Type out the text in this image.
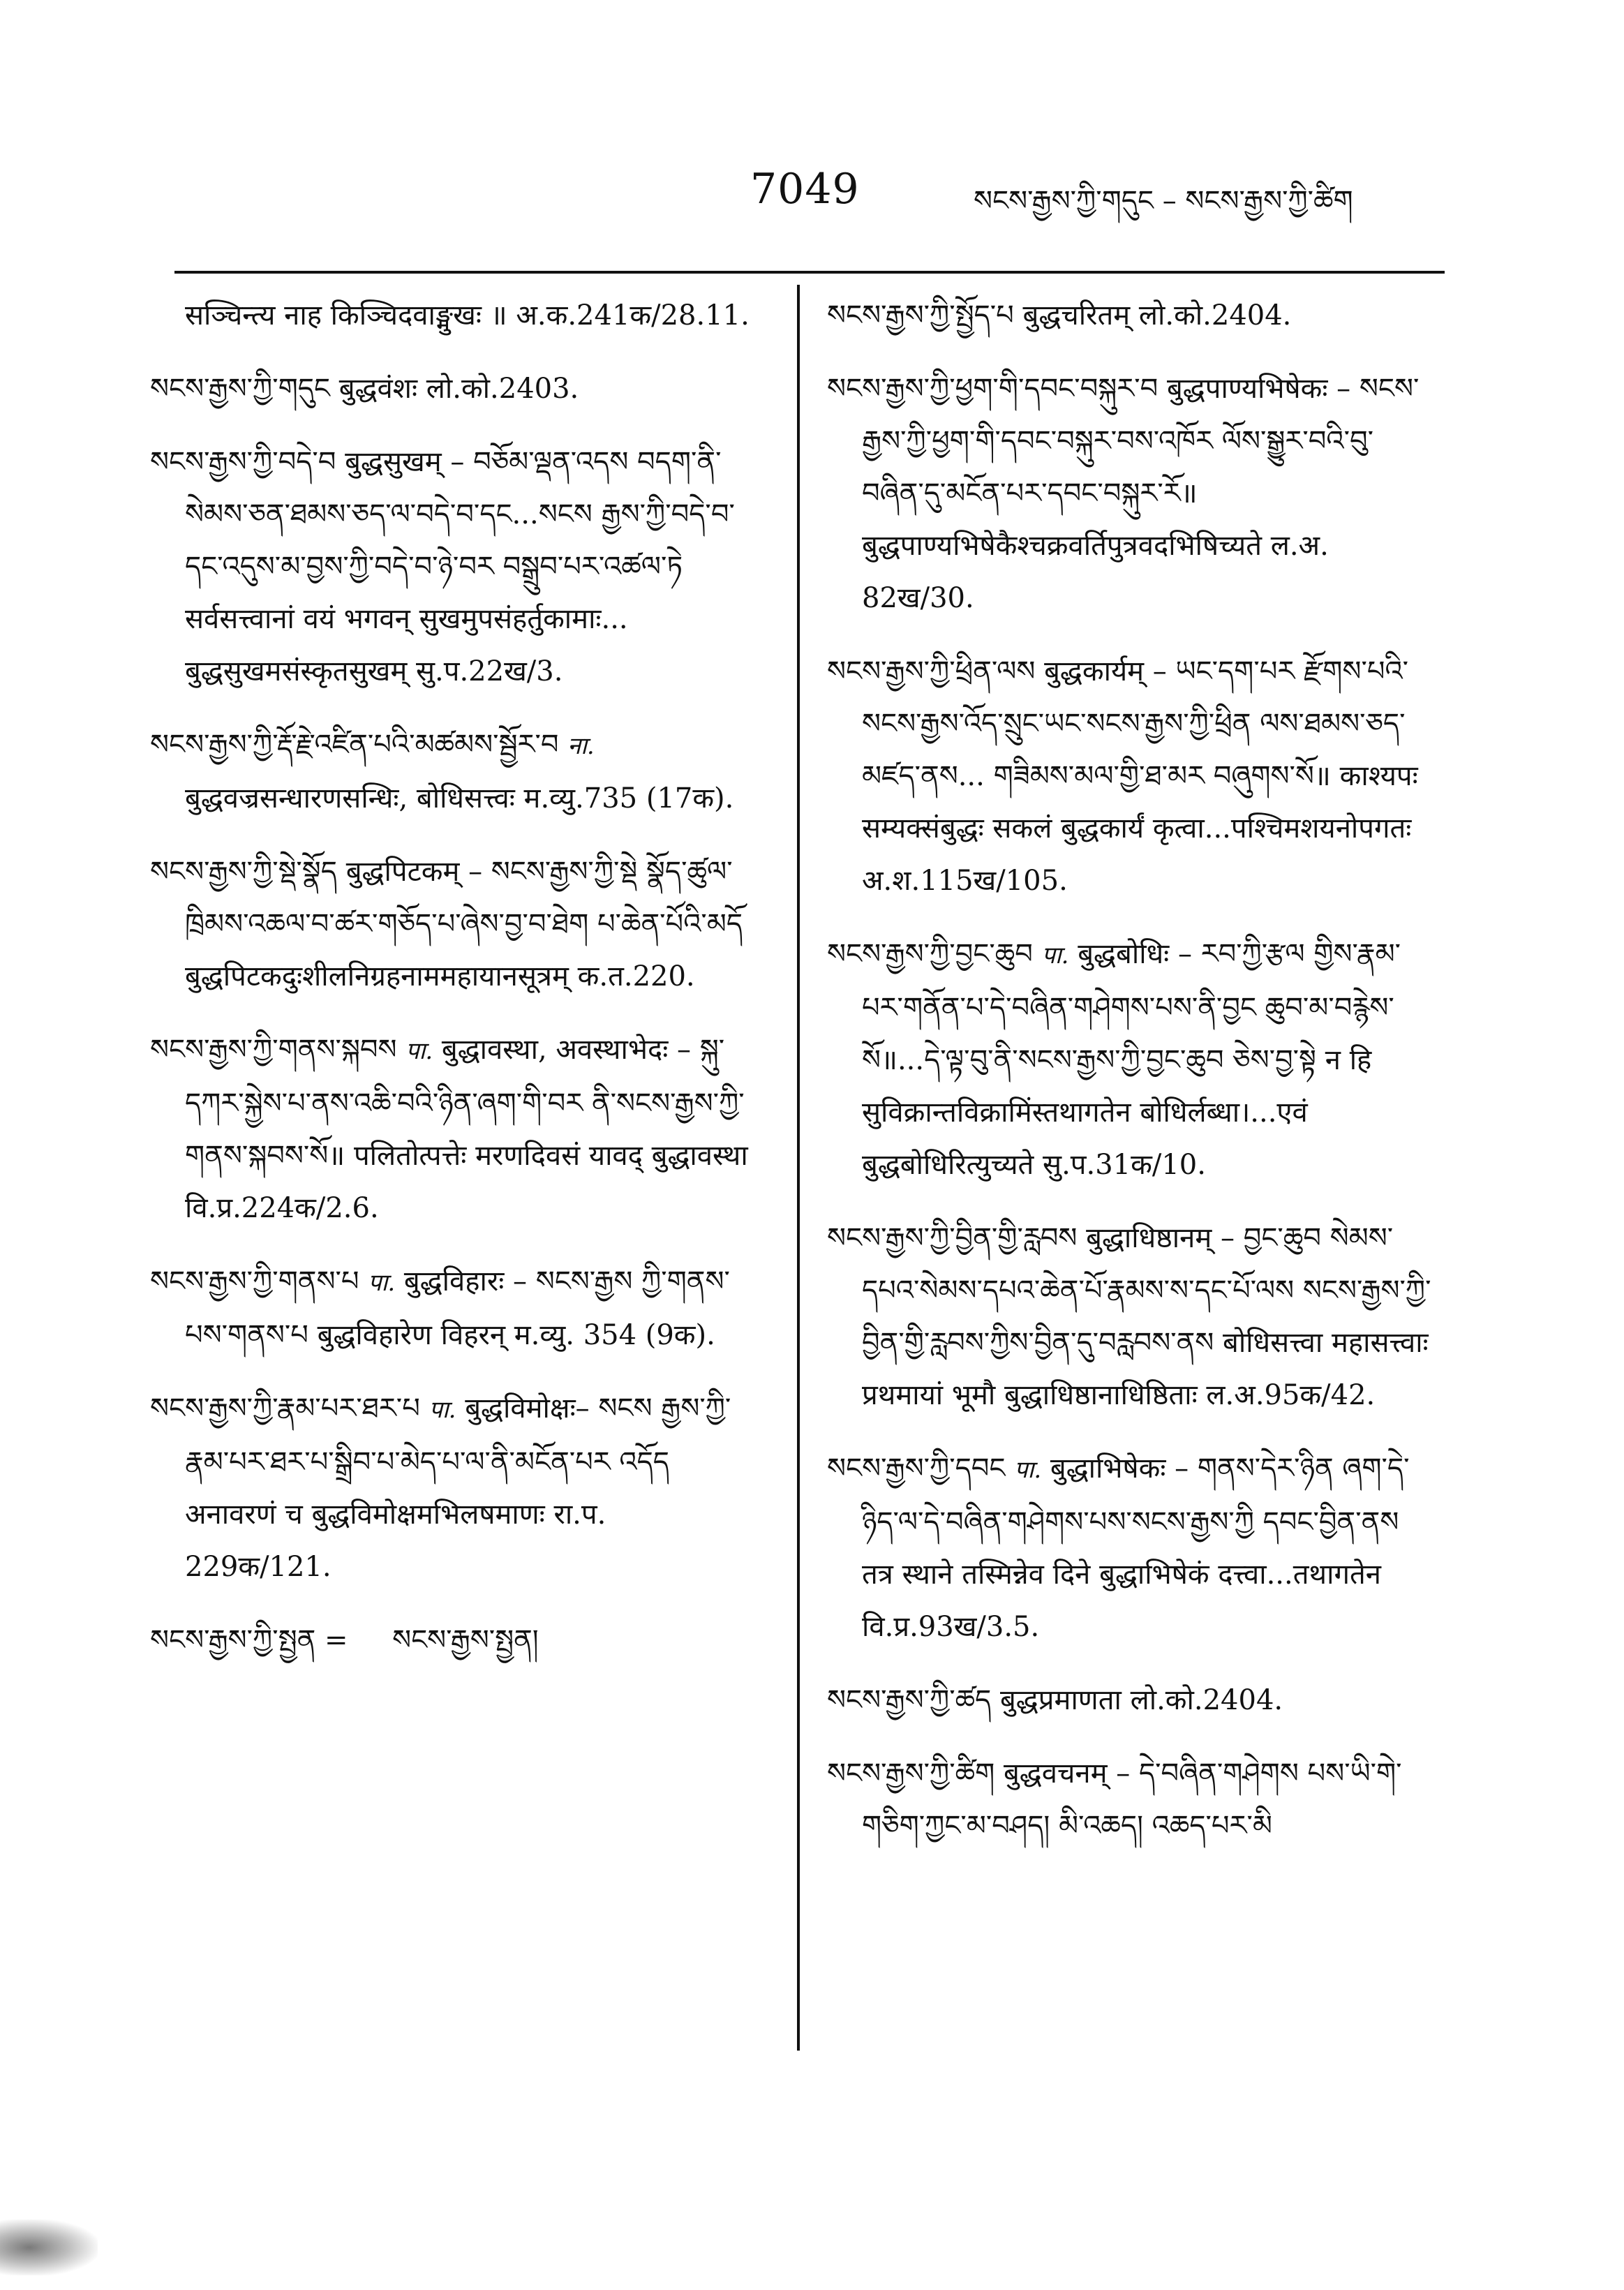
7049	སངས་རྒྱས་ཀྱི་གདུང – སངས་རྒྱས་ཀྱི་ཚིག

सञ्चिन्त्य नाह किञ्चिदवाङ्मुखः ॥ अ.क.241क/28.11.

སངས་རྒྱས་ཀྱི་གདུང बुद्धवंशः लो.को.2403.

སངས་རྒྱས་ཀྱི་བདེ་བ बुद्धसुखम् – བཅོམ་ལྡན་འདས བདག་ནི་སེམས་ཅན་ཐམས་ཅད་ལ་བདེ་བ་དང...སངས རྒྱས་ཀྱི་བདེ་བ་དང་འདུས་མ་བྱས་ཀྱི་བདེ་བ་ཉེ་བར བསྒྲུབ་པར་འཚལ་ཏེ सर्वसत्त्वानां वयं भगवन् सुखमुपसंहर्तुकामाः... बुद्धसुखमसंस्कृतसुखम् सु.प.22ख/3.

སངས་རྒྱས་ཀྱི་རྡོ་རྗེ་འཛིན་པའི་མཚམས་སྦྱོར་བ ना. बुद्धवज्रसन्धारणसन्धिः, बोधिसत्त्वः म.व्यु.735 (17क).

སངས་རྒྱས་ཀྱི་སྡེ་སྣོད बुद्धपिटकम् – སངས་རྒྱས་ཀྱི་སྡེ སྣོད་ཚུལ་ཁྲིམས་འཆལ་བ་ཚར་གཅོད་པ་ཞེས་བྱ་བ་ཐེག པ་ཆེན་པོའི་མདོ बुद्धपिटकदुःशीलनिग्रहनाममहायानसूत्रम् क.त.220.

སངས་རྒྱས་ཀྱི་གནས་སྐབས पा. बुद्धावस्था, अवस्थाभेदः – སྐུ་དཀར་སྐྱེས་པ་ནས་འཆི་བའི་ཉིན་ཞག་གི་བར ནི་སངས་རྒྱས་ཀྱི་གནས་སྐབས་སོ॥ पलितोत्पत्तेः मरणदिवसं यावद् बुद्धावस्था वि.प्र.224क/2.6.

སངས་རྒྱས་ཀྱི་གནས་པ पा. बुद्धविहारः – སངས་རྒྱས ཀྱི་གནས་པས་གནས་པ बुद्धविहारेण विहरन् म.व्यु. 354 (9क).

སངས་རྒྱས་ཀྱི་རྣམ་པར་ཐར་པ पा. बुद्धविमोक्षः– སངས རྒྱས་ཀྱི་རྣམ་པར་ཐར་པ་སྒྲིབ་པ་མེད་པ་ལ་ནི་མངོན་པར འདོད अनावरणं च बुद्धविमोक्षमभिलषमाणः रा.प. 229क/121.

སངས་རྒྱས་ཀྱི་སྤྱན =     སངས་རྒྱས་སྤྱན།

སངས་རྒྱས་ཀྱི་སྤྱོད་པ बुद्धचरितम् लो.को.2404.

སངས་རྒྱས་ཀྱི་ཕྱག་གི་དབང་བསྐུར་བ बुद्धपाण्यभिषेकः – སངས་རྒྱས་ཀྱི་ཕྱག་གི་དབང་བསྐུར་བས་འཁོར ལོས་སྒྱུར་བའི་བུ་བཞིན་དུ་མངོན་པར་དབང་བསྐུར་རོ॥ बुद्धपाण्यभिषेकैश्चक्रवर्तिपुत्रवदभिषिच्यते ल.अ. 82ख/30.

སངས་རྒྱས་ཀྱི་ཕྲིན་ལས बुद्धकार्यम् – ཡང་དག་པར རྫོགས་པའི་སངས་རྒྱས་འོད་སྲུང་ཡང་སངས་རྒྱས་ཀྱི་ཕྲིན ལས་ཐམས་ཅད་མཛད་ནས... གཟིམས་མལ་གྱི་ཐ་མར བཞུགས་སོ॥ काश्यपः सम्यक्संबुद्धः सकलं बुद्धकार्यं कृत्वा...पश्चिमशयनोपगतः अ.श.115ख/105.

སངས་རྒྱས་ཀྱི་བྱང་ཆུབ पा. बुद्धबोधिः – རབ་ཀྱི་རྩལ གྱིས་རྣམ་པར་གནོན་པ་དེ་བཞིན་གཤེགས་པས་ནི་བྱང ཆུབ་མ་བརྙེས་སོ॥...དེ་ལྟ་བུ་ནི་སངས་རྒྱས་ཀྱི་བྱང་ཆུབ ཅེས་བྱ་སྟེ न हि सुविक्रान्तविक्रामिंस्तथागतेन बोधिर्लब्धा।...एवं बुद्धबोधिरित्युच्यते सु.प.31क/10.

སངས་རྒྱས་ཀྱི་བྱིན་གྱི་རླབས बुद्धाधिष्ठानम् – བྱང་ཆུབ སེམས་དཔའ་སེམས་དཔའ་ཆེན་པོ་རྣམས་ས་དང་པོ་ལས སངས་རྒྱས་ཀྱི་བྱིན་གྱི་རླབས་ཀྱིས་བྱིན་དུ་བརླབས་ནས बोधिसत्त्वा महासत्त्वाः प्रथमायां भूमौ बुद्धाधिष्ठानाधिष्ठिताः ल.अ.95क/42.

སངས་རྒྱས་ཀྱི་དབང पा. बुद्धाभिषेकः – གནས་དེར་ཉིན ཞག་དེ་ཉིད་ལ་དེ་བཞིན་གཤེགས་པས་སངས་རྒྱས་ཀྱི དབང་བྱིན་ནས तत्र स्थाने तस्मिन्नेव दिने बुद्धाभिषेकं दत्त्वा...तथागतेन वि.प्र.93ख/3.5.

སངས་རྒྱས་ཀྱི་ཚད बुद्धप्रमाणता लो.को.2404.

སངས་རྒྱས་ཀྱི་ཚིག बुद्धवचनम् – དེ་བཞིན་གཤེགས པས་ཡི་གེ་གཅིག་ཀྱང་མ་བཤད། མི་འཆད། འཆད་པར་མི
